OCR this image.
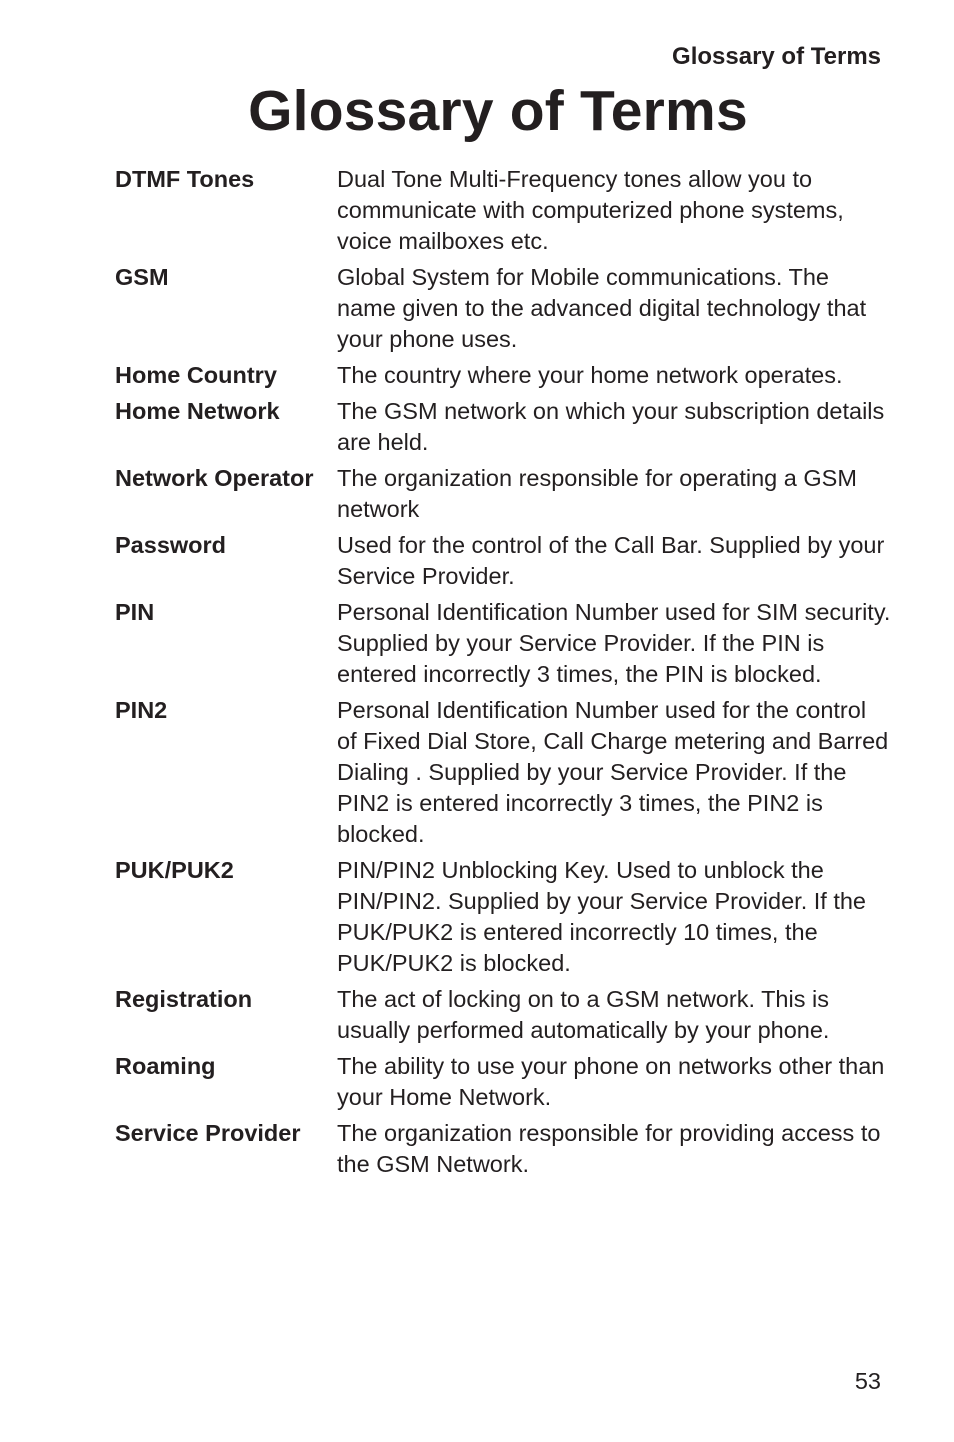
Glossary of Terms
Glossary of Terms
DTMF Tones	Dual Tone Multi-Frequency tones allow you to communicate with computerized phone systems, voice mailboxes etc.
GSM	Global System for Mobile communications. The name given to the advanced digital technology that your phone uses.
Home Country	The country where your home network operates.
Home Network	The GSM network on which your subscription details are held.
Network Operator	The organization responsible for operating a GSM network
Password	Used for the control of the Call Bar. Supplied by your Service Provider.
PIN	Personal Identification Number used for SIM security. Supplied by your Service Provider. If the PIN is entered incorrectly 3 times, the PIN is blocked.
PIN2	Personal Identification Number used for the control of Fixed Dial Store, Call Charge metering and Barred Dialing . Supplied by your Service Provider. If the PIN2 is entered incorrectly 3 times, the PIN2 is blocked.
PUK/PUK2	PIN/PIN2 Unblocking Key. Used to unblock the PIN/PIN2. Supplied by your Service Provider. If the PUK/PUK2 is entered incorrectly 10 times, the PUK/PUK2 is blocked.
Registration	The act of locking on to a GSM network. This is usually performed automatically by your phone.
Roaming	The ability to use your phone on networks other than your Home Network.
Service Provider	The organization responsible for providing access to the GSM Network.
53
